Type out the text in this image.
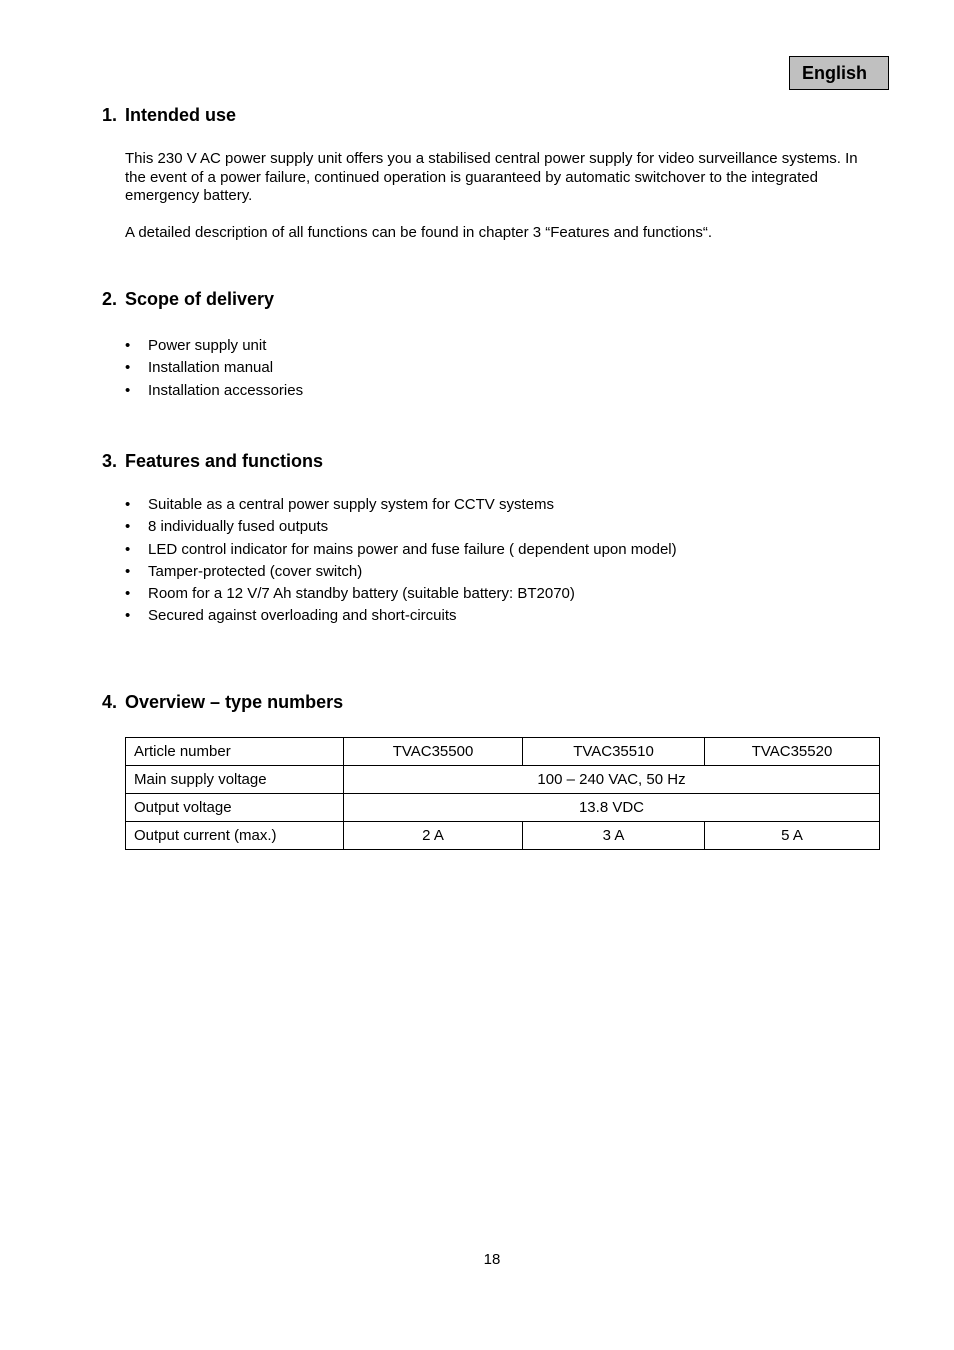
English
1. Intended use

This 230 V AC power supply unit offers you a stabilised central power supply for video surveillance systems. In the event of a power failure, continued operation is guaranteed by automatic switchover to the integrated emergency battery.

A detailed description of all functions can be found in chapter 3 “Features and functions“.

2. Scope of delivery
• Power supply unit
• Installation manual
• Installation accessories
3. Features and functions
• Suitable as a central power supply system for CCTV systems
• 8 individually fused outputs
• LED control indicator for mains power and fuse failure ( dependent upon model)
• Tamper-protected (cover switch)
• Room for a 12 V/7 Ah standby battery (suitable battery: BT2070)
• Secured against overloading and short-circuits
4. Overview – type numbers
Article number	TVAC35500	TVAC35510	TVAC35520
Main supply voltage	100 – 240 VAC, 50 Hz		
Output voltage	13.8 VDC		
Output current (max.)	2 A	3 A	5 A
18
